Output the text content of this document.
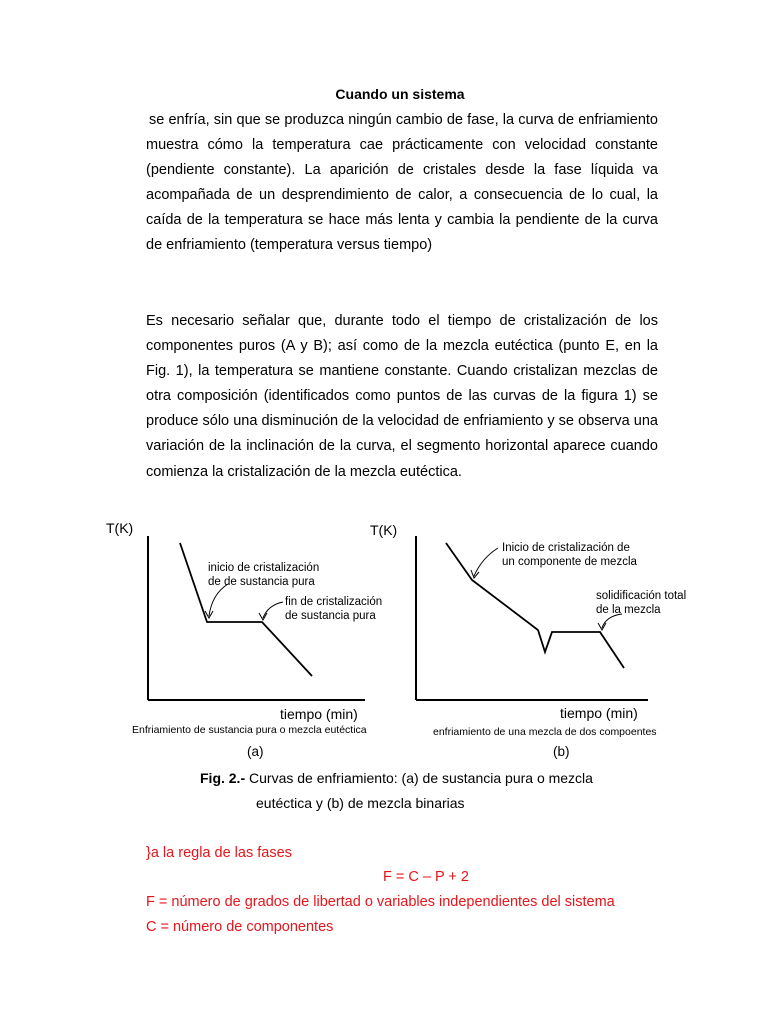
Cuando un sistema

se enfría, sin que se produzca ningún cambio de fase, la curva de enfriamiento muestra cómo la temperatura cae prácticamente con velocidad constante (pendiente constante). La aparición de cristales desde la fase líquida va acompañada de un desprendimiento de calor, a consecuencia de lo cual, la caída de la temperatura se hace más lenta y cambia la pendiente de la curva de enfriamiento (temperatura versus tiempo)

Es necesario señalar que, durante todo el tiempo de cristalización de los componentes puros (A y B); así como de la mezcla eutéctica (punto E, en la Fig. 1), la temperatura se mantiene constante. Cuando cristalizan mezclas de otra composición (identificados como puntos de las curvas de la figura 1) se produce sólo una disminución de la velocidad de enfriamiento y se observa una variación de la inclinación de la curva, el segmento horizontal aparece cuando comienza la cristalización de la mezcla eutéctica.

T(K)
inicio de cristalización
de de sustancia pura
fin de cristalización
de sustancia pura
tiempo (min)
Enfriamiento de sustancia pura o mezcla eutéctica
(a)
T(K)
Inicio de cristalización de
un componente de mezcla
solidificación total
de la mezcla
tiempo (min)
enfriamiento de una mezcla de dos compoentes
(b)
Fig. 2.- Curvas de enfriamiento: (a) de sustancia pura o mezcla
eutéctica y (b) de mezcla binarias
}a la regla de las fases
F = C – P + 2
F = número de grados de libertad o variables independientes del sistema
C = número de componentes
